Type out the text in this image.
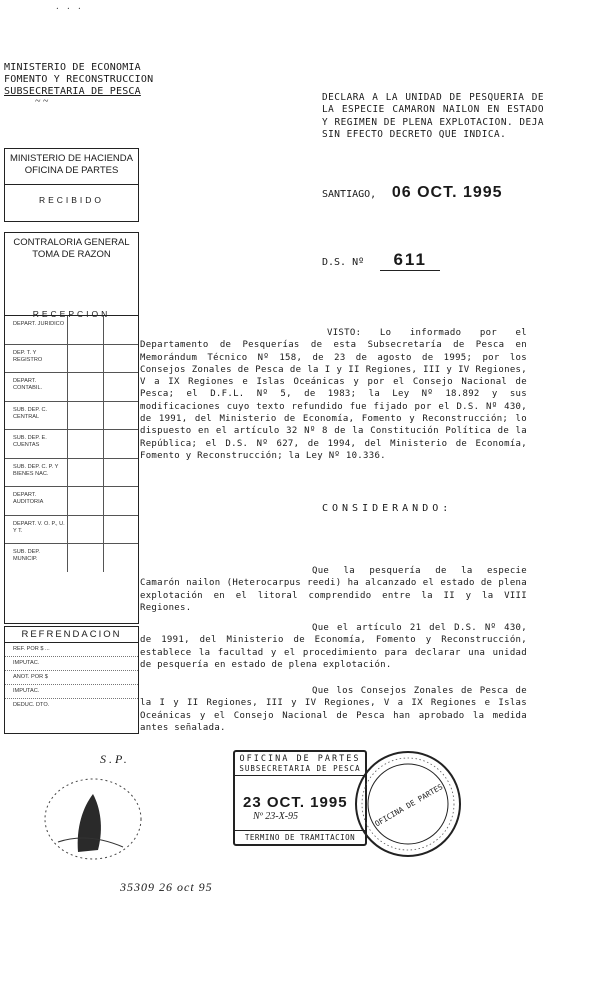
· · ·
MINISTERIO DE ECONOMIA
FOMENTO Y RECONSTRUCCION
SUBSECRETARIA DE PESCA
~ ~	DECLARA A LA UNIDAD DE PESQUERIA DE LA ESPECIE CAMARON NAILON EN ESTADO Y REGIMEN DE PLENA EXPLOTACION. DEJA SIN EFECTO DECRETO QUE INDICA.
SANTIAGO, 06 OCT. 1995
D.S. Nº 611
MINISTERIO DE HACIENDA
OFICINA DE PARTES
RECIBIDO
CONTRALORIA GENERAL
TOMA DE RAZON
RECEPCION
DEPART. JURIDICO
DEP. T. Y REGISTRO
DEPART. CONTABIL.
SUB. DEP. C. CENTRAL
SUB. DEP. E. CUENTAS
SUB. DEP. C. P. Y BIENES NAC.
DEPART. AUDITORIA
DEPART. V. O. P., U. Y T.
SUB. DEP. MUNICIP.
REFRENDACION
REF. POR $ ...
IMPUTAC.
ANOT. POR $
IMPUTAC.
DEDUC. DTO.
VISTO: Lo informado por el Departamento de Pesquerías de esta Subsecretaría de Pesca en Memorándum Técnico Nº 158, de 23 de agosto de 1995; por los Consejos Zonales de Pesca de la I y II Regiones, III y IV Regiones, V a IX Regiones e Islas Oceánicas y por el Consejo Nacional de Pesca; el D.F.L. Nº 5, de 1983; la Ley Nº 18.892 y sus modificaciones cuyo texto refundido fue fijado por el D.S. Nº 430, de 1991, del Ministerio de Economía, Fomento y Reconstrucción; lo dispuesto en el artículo 32 Nº 8 de la Constitución Política de la República; el D.S. Nº 627, de 1994, del Ministerio de Economía, Fomento y Reconstrucción; la Ley Nº 10.336.
CONSIDERANDO:
Que la pesquería de la especie Camarón nailon (Heterocarpus reedi) ha alcanzado el estado de plena explotación en el litoral comprendido entre la II y la VIII Regiones.
Que el artículo 21 del D.S. Nº 430, de 1991, del Ministerio de Economía, Fomento y Reconstrucción, establece la facultad y el procedimiento para declarar una unidad de pesquería en estado de plena explotación.
Que los Consejos Zonales de Pesca de la I y II Regiones, III y IV Regiones, V a IX Regiones e Islas Oceánicas y el Consejo Nacional de Pesca han aprobado la medida antes señalada.
S.P.	OFICINA DE PARTES
SUBSECRETARIA DE PESCA
23 OCT. 1995
Nº 23-X-95
TERMINO DE TRAMITACION
OFICINA DE PARTES
35309 26 oct 95
